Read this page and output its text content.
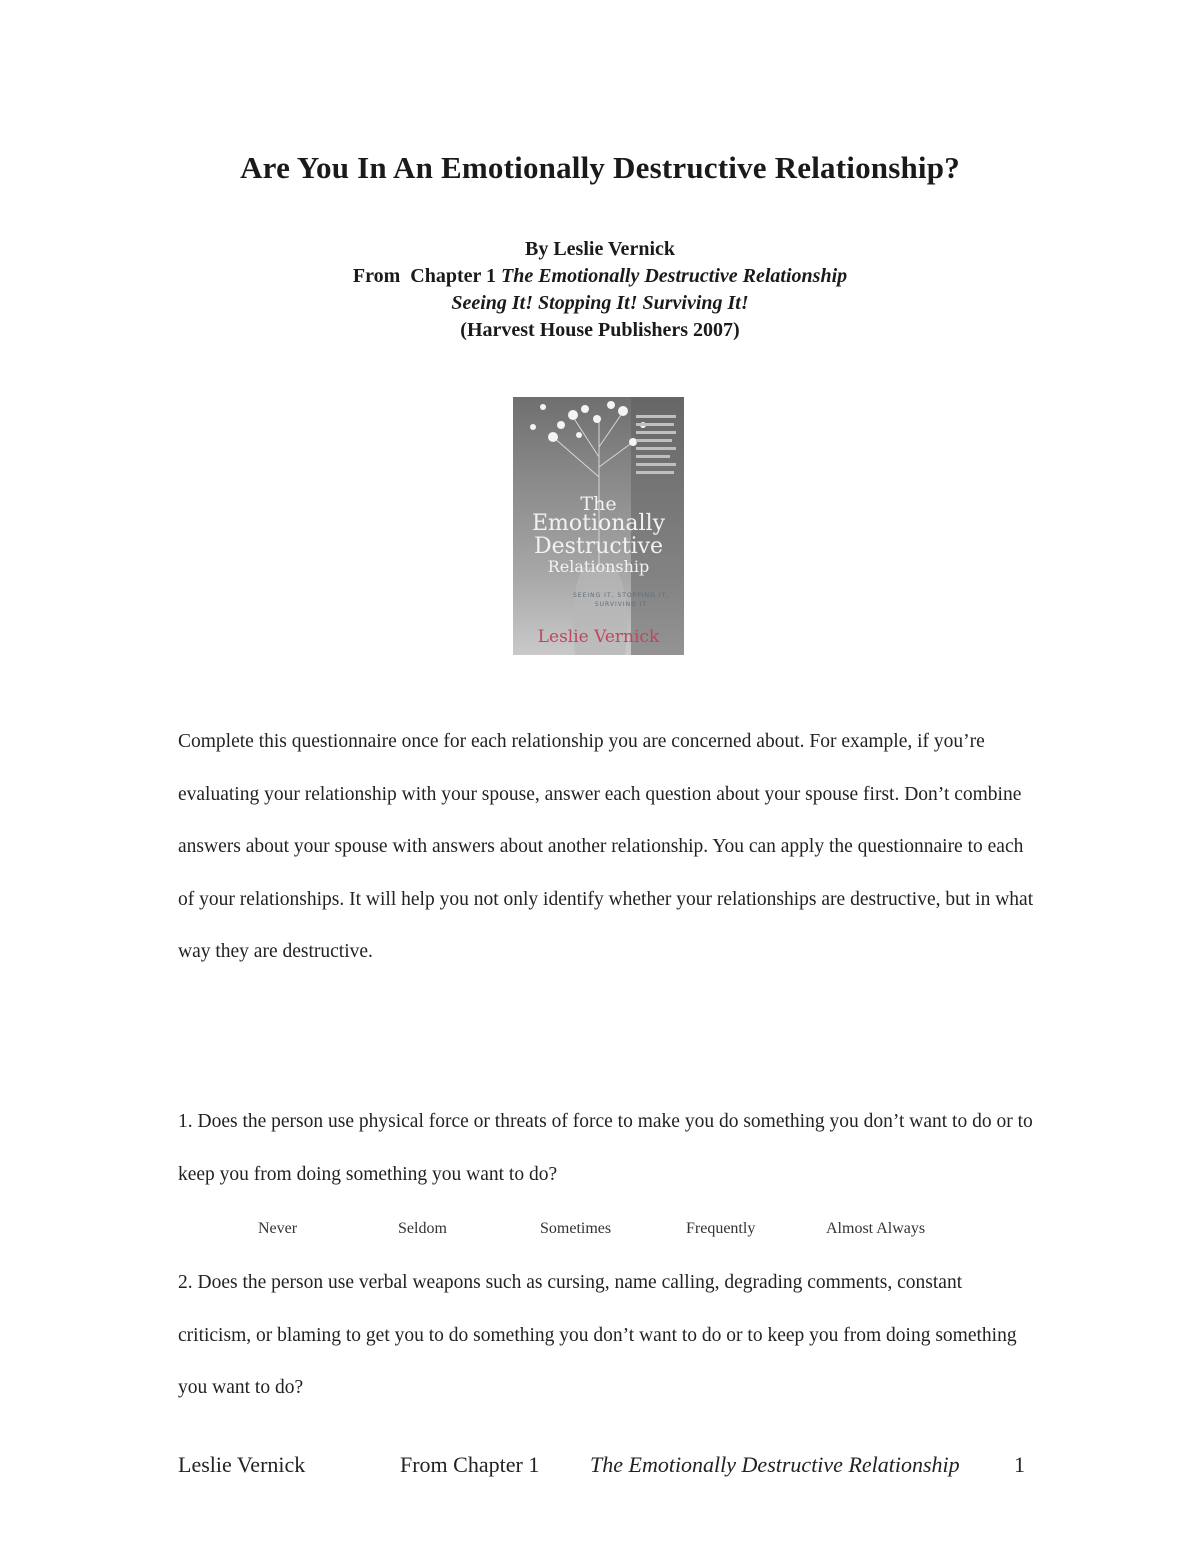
Are You In An Emotionally Destructive Relationship?
By Leslie Vernick
From  Chapter 1 The Emotionally Destructive Relationship
Seeing It! Stopping It! Surviving It!
(Harvest House Publishers 2007)
The
Emotionally
Destructive
Relationship
SEEING IT, STOPPING IT, SURVIVING IT
Leslie Vernick

Complete this questionnaire once for each relationship you are concerned about. For example, if you’re evaluating your relationship with your spouse, answer each question about your spouse first. Don’t combine answers about your spouse with answers about another relationship. You can apply the questionnaire to each of your relationships. It will help you not only identify whether your relationships are destructive, but in what way they are destructive.

1. Does the person use physical force or threats of force to make you do something you don’t want to do or to keep you from doing something you want to do?

Never	Seldom	Sometimes	Frequently	Almost Always

2. Does the person use verbal weapons such as cursing, name calling, degrading comments, constant criticism, or blaming to get you to do something you don’t want to do or to keep you from doing something you want to do?

Leslie Vernick	From Chapter 1 The Emotionally Destructive Relationship 1
